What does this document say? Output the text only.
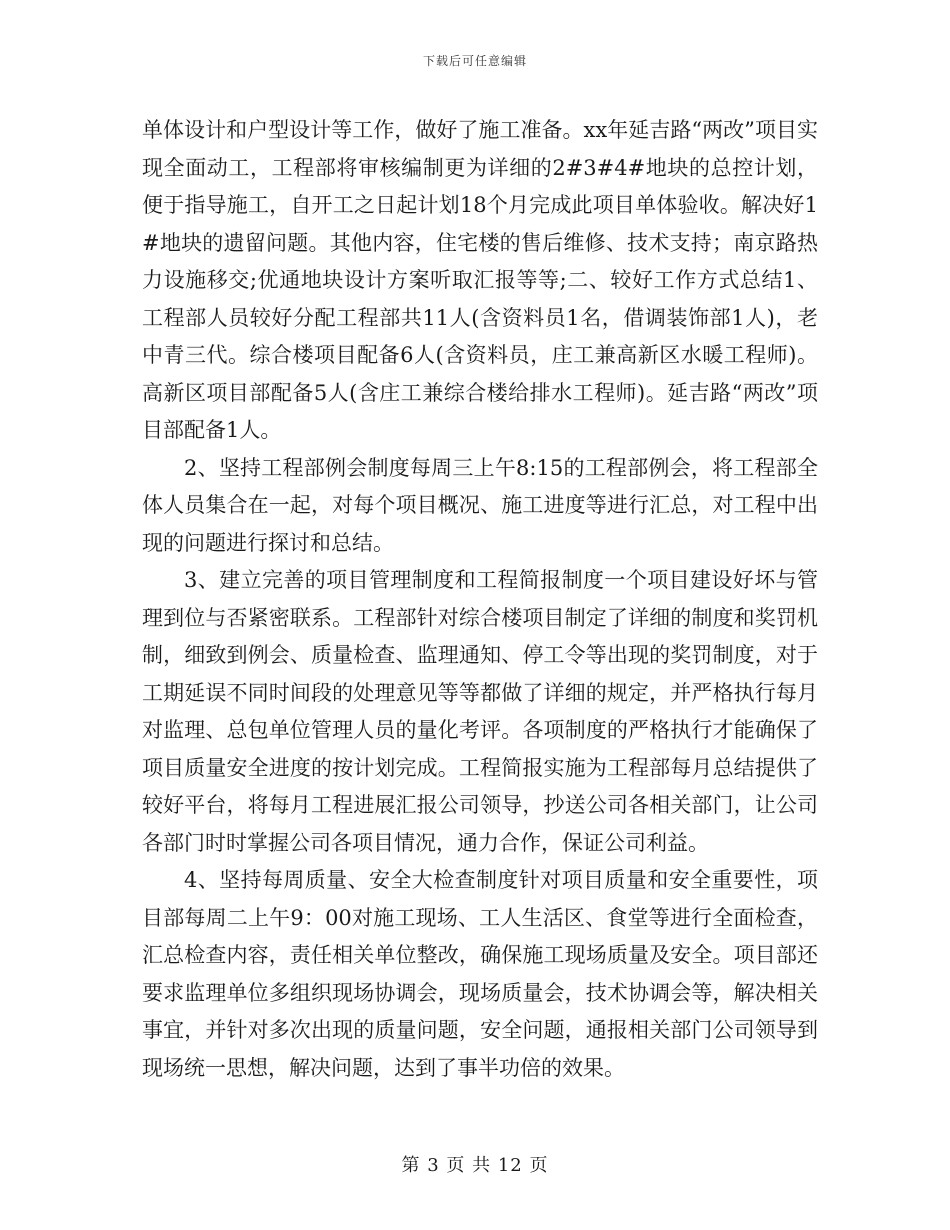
下载后可任意编辑

单体设计和户型设计等工作，做好了施工准备。xx年延吉路“两改”项目实现全面动工，工程部将审核编制更为详细的2#3#4#地块的总控计划，便于指导施工，自开工之日起计划18个月完成此项目单体验收。解决好1#地块的遗留问题。其他内容，住宅楼的售后维修、技术支持；南京路热力设施移交;优通地块设计方案听取汇报等等;二、较好工作方式总结1、工程部人员较好分配工程部共11人(含资料员1名，借调装饰部1人)，老中青三代。综合楼项目配备6人(含资料员，庄工兼高新区水暖工程师)。高新区项目部配备5人(含庄工兼综合楼给排水工程师)。延吉路“两改”项目部配备1人。

2、坚持工程部例会制度每周三上午8:15的工程部例会，将工程部全体人员集合在一起，对每个项目概况、施工进度等进行汇总，对工程中出现的问题进行探讨和总结。

3、建立完善的项目管理制度和工程简报制度一个项目建设好坏与管理到位与否紧密联系。工程部针对综合楼项目制定了详细的制度和奖罚机制，细致到例会、质量检查、监理通知、停工令等出现的奖罚制度，对于工期延误不同时间段的处理意见等等都做了详细的规定，并严格执行每月对监理、总包单位管理人员的量化考评。各项制度的严格执行才能确保了项目质量安全进度的按计划完成。工程简报实施为工程部每月总结提供了较好平台，将每月工程进展汇报公司领导，抄送公司各相关部门，让公司各部门时时掌握公司各项目情况，通力合作，保证公司利益。

4、坚持每周质量、安全大检查制度针对项目质量和安全重要性，项目部每周二上午9：00对施工现场、工人生活区、食堂等进行全面检查，汇总检查内容，责任相关单位整改，确保施工现场质量及安全。项目部还要求监理单位多组织现场协调会，现场质量会，技术协调会等，解决相关事宜，并针对多次出现的质量问题，安全问题，通报相关部门公司领导到现场统一思想，解决问题，达到了事半功倍的效果。

第 3 页 共 12 页
